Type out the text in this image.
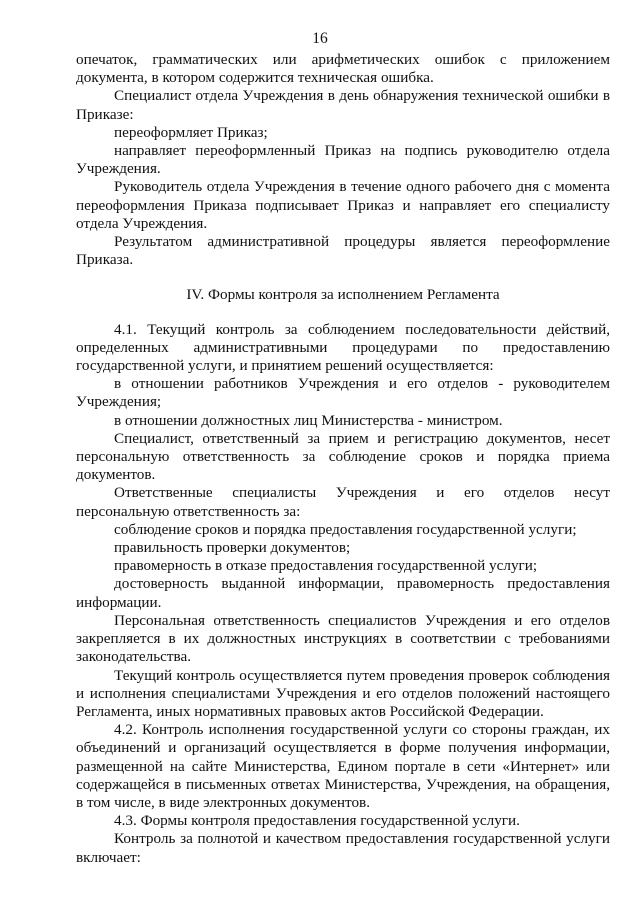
16

опечаток, грамматических или арифметических ошибок с приложением документа, в котором содержится техническая ошибка.

Специалист отдела Учреждения в день обнаружения технической ошибки в Приказе:

переоформляет Приказ;

направляет переоформленный Приказ на подпись руководителю отдела Учреждения.

Руководитель отдела Учреждения в течение одного рабочего дня с момента переоформления Приказа подписывает Приказ и направляет его специалисту отдела Учреждения.

Результатом административной процедуры является переоформление Приказа.

IV. Формы контроля за исполнением Регламента

4.1. Текущий контроль за соблюдением последовательности действий, определенных административными процедурами по предоставлению государственной услуги, и принятием решений осуществляется:

в отношении работников Учреждения и его отделов - руководителем Учреждения;

в отношении должностных лиц Министерства - министром.

Специалист, ответственный за прием и регистрацию документов, несет персональную ответственность за соблюдение сроков и порядка приема документов.

Ответственные специалисты Учреждения и его отделов несут персональную ответственность за:

соблюдение сроков и порядка предоставления государственной услуги;

правильность проверки документов;

правомерность в отказе предоставления государственной услуги;

достоверность выданной информации, правомерность предоставления информации.

Персональная ответственность специалистов Учреждения и его отделов закрепляется в их должностных инструкциях в соответствии с требованиями законодательства.

Текущий контроль осуществляется путем проведения проверок соблюдения и исполнения специалистами Учреждения и его отделов положений настоящего Регламента, иных нормативных правовых актов Российской Федерации.

4.2. Контроль исполнения государственной услуги со стороны граждан, их объединений и организаций осуществляется в форме получения информации, размещенной на сайте Министерства, Едином портале в сети «Интернет» или содержащейся в письменных ответах Министерства, Учреждения, на обращения, в том числе, в виде электронных документов.

4.3. Формы контроля предоставления государственной услуги.

Контроль за полнотой и качеством предоставления государственной услуги включает:
